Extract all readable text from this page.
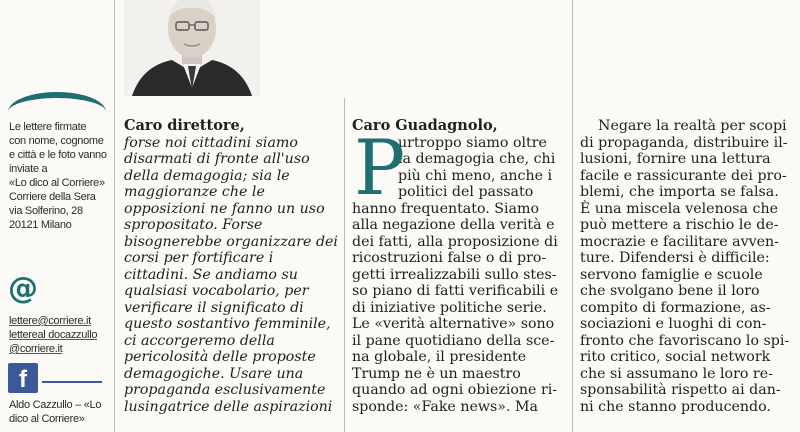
Le lettere firmate
con nome, cognome
e città e le foto vanno
inviate a
«Lo dico al Corriere»
Corriere della Sera
via Solferino, 28
20121 Milano
@
lettere@corriere.it
lettereal docazzullo
@corriere.it
f
Aldo Cazzullo – «Lo
dico al Corriere»
Caro direttore,
forse noi cittadini siamo
disarmati di fronte all'uso
della demagogia; sia le
maggioranze che le
opposizioni ne fanno un uso
spropositato. Forse
bisognerebbe organizzare dei
corsi per fortificare i
cittadini. Se andiamo su
qualsiasi vocabolario, per
verificare il significato di
questo sostantivo femminile,
ci accorgeremo della
pericolosità delle proposte
demagogiche. Usare una
propaganda esclusivamente
lusingatrice delle aspirazioni
Caro Guadagnolo,
urtroppo siamo oltre
la demagogia che, chi
più chi meno, anche i
politici del passato
hanno frequentato. Siamo
alla negazione della verità e
dei fatti, alla proposizione di
ricostruzioni false o di pro-
getti irrealizzabili sullo stes-
so piano di fatti verificabili e
di iniziative politiche serie.
Le «verità alternative» sono
il pane quotidiano della sce-
na globale, il presidente
Trump ne è un maestro
quando ad ogni obiezione ri-
sponde: «Fake news». Ma
P	Negare la realtà per scopi
di propaganda, distribuire il-
lusioni, fornire una lettura
facile e rassicurante dei pro-
blemi, che importa se falsa.
È una miscela velenosa che
può mettere a rischio le de-
mocrazie e facilitare avven-
ture. Difendersi è difficile:
servono famiglie e scuole
che svolgano bene il loro
compito di formazione, as-
sociazioni e luoghi di con-
fronto che favoriscano lo spi-
rito critico, social network
che si assumano le loro re-
sponsabilità rispetto ai dan-
ni che stanno producendo.
